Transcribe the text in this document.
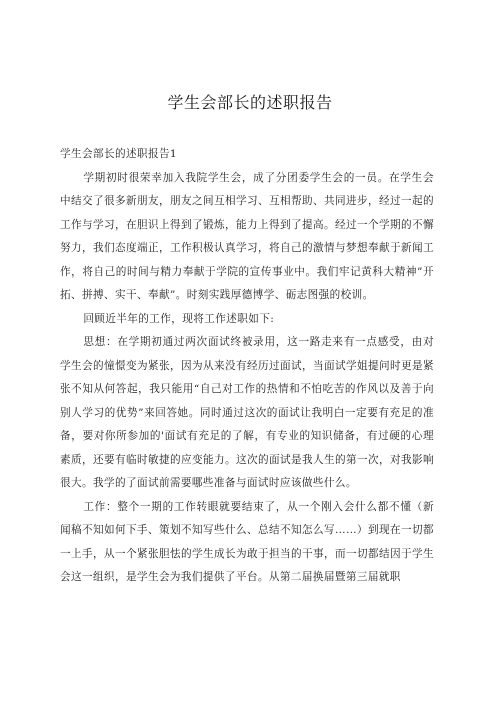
学生会部长的述职报告

学生会部长的述职报告1

学期初时很荣幸加入我院学生会，成了分团委学生会的一员。在学生会中结交了很多新朋友，朋友之间互相学习、互相帮助、共同进步，经过一起的工作与学习，在胆识上得到了锻炼，能力上得到了提高。经过一个学期的不懈努力，我们态度端正，工作积极认真学习，将自己的激情与梦想奉献于新闻工作，将自己的时间与精力奉献于学院的宣传事业中。我们牢记黄科大精神”开拓、拼搏、实干、奉献”。时刻实践厚德博学、砺志图强的校训。

回顾近半年的工作，现将工作述职如下:

思想：在学期初通过两次面试终被录用，这一路走来有一点感受，由对学生会的憧憬变为紧张，因为从来没有经历过面试，当面试学姐提问时更是紧张不知从何答起，我只能用“自己对工作的热情和不怕吃苦的作风以及善于向别人学习的优势”来回答她。同时通过这次的面试让我明白一定要有充足的准备，要对你所参加的'面试有充足的了解，有专业的知识储备，有过硬的心理素质，还要有临时敏捷的应变能力。这次的面试是我人生的第一次，对我影响很大。我学的了面试前需要哪些准备与面试时应该做些什么。

工作：整个一期的工作转眼就要结束了，从一个刚入会什么都不懂（新闻稿不知如何下手、策划不知写些什么、总结不知怎么写……）到现在一切都一上手，从一个紧张胆怯的学生成长为敢于担当的干事，而一切都结因于学生会这一组织，是学生会为我们提供了平台。从第二届换届暨第三届就职
